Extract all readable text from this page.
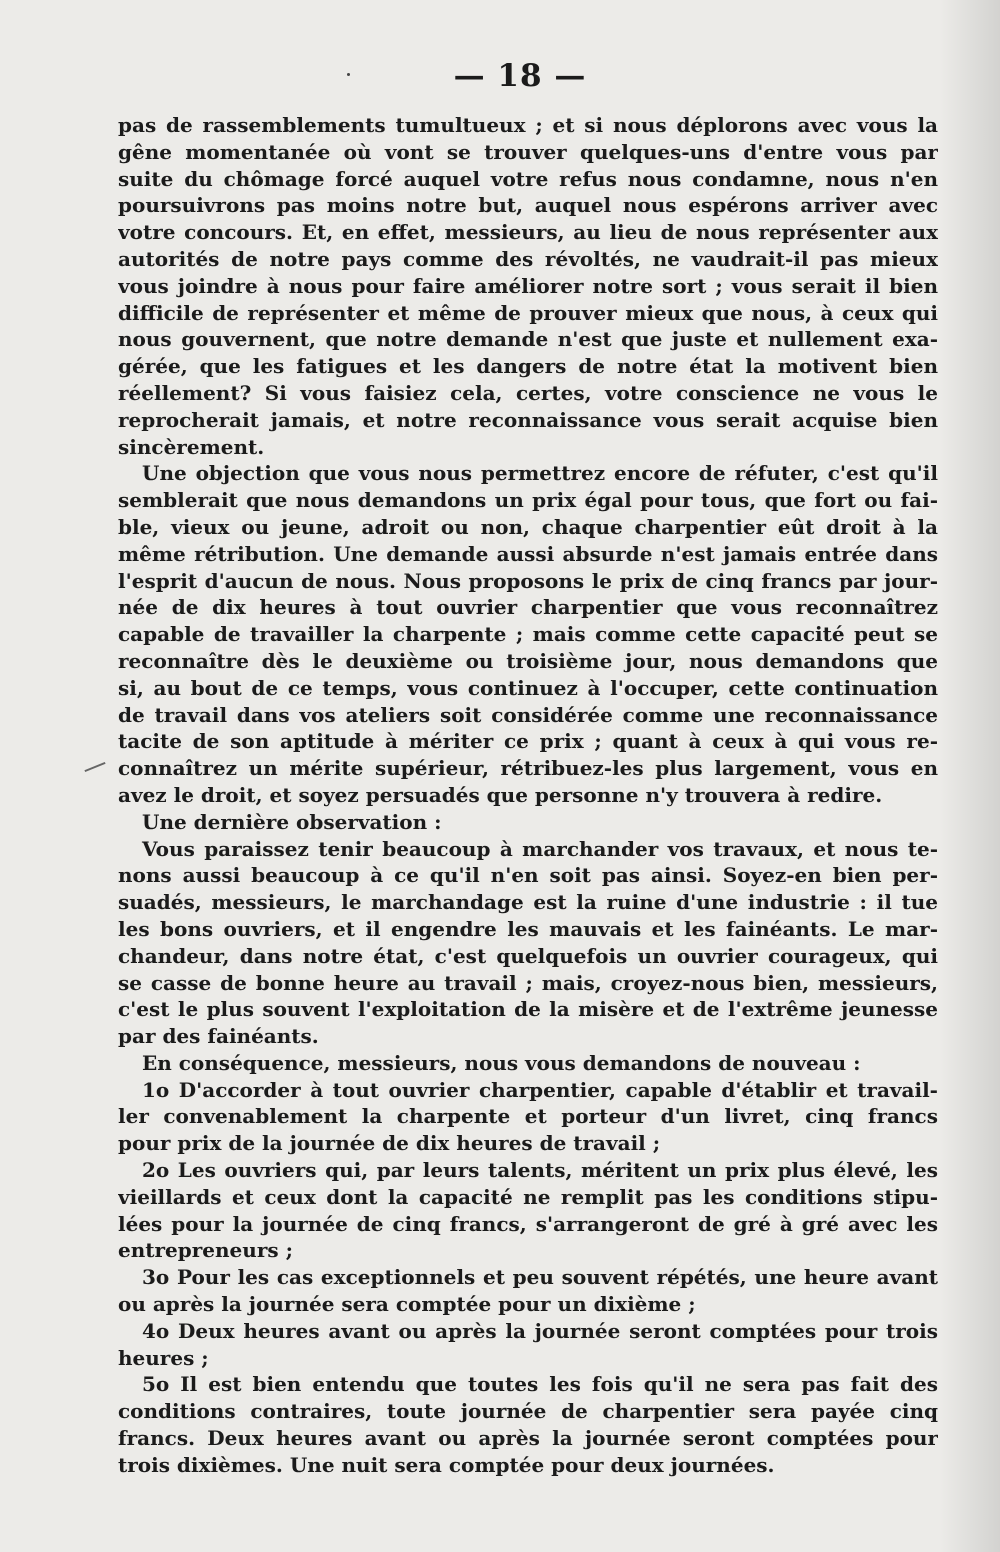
— 18 —
pas de rassemblements tumultueux ; et si nous déplorons avec vous la
gêne momentanée où vont se trouver quelques-uns d'entre vous par
suite du chômage forcé auquel votre refus nous condamne, nous n'en
poursuivrons pas moins notre but, auquel nous espérons arriver avec
votre concours. Et, en effet, messieurs, au lieu de nous représenter aux
autorités de notre pays comme des révoltés, ne vaudrait-il pas mieux
vous joindre à nous pour faire améliorer notre sort ; vous serait il bien
difficile de représenter et même de prouver mieux que nous, à ceux qui
nous gouvernent, que notre demande n'est que juste et nullement exa-
gérée, que les fatigues et les dangers de notre état la motivent bien
réellement? Si vous faisiez cela, certes, votre conscience ne vous le
reprocherait jamais, et notre reconnaissance vous serait acquise bien
sincèrement.
Une objection que vous nous permettrez encore de réfuter, c'est qu'il
semblerait que nous demandons un prix égal pour tous, que fort ou fai-
ble, vieux ou jeune, adroit ou non, chaque charpentier eût droit à la
même rétribution. Une demande aussi absurde n'est jamais entrée dans
l'esprit d'aucun de nous. Nous proposons le prix de cinq francs par jour-
née de dix heures à tout ouvrier charpentier que vous reconnaîtrez
capable de travailler la charpente ; mais comme cette capacité peut se
reconnaître dès le deuxième ou troisième jour, nous demandons que
si, au bout de ce temps, vous continuez à l'occuper, cette continuation
de travail dans vos ateliers soit considérée comme une reconnaissance
tacite de son aptitude à mériter ce prix ; quant à ceux à qui vous re-
connaîtrez un mérite supérieur, rétribuez-les plus largement, vous en
avez le droit, et soyez persuadés que personne n'y trouvera à redire.
Une dernière observation :
Vous paraissez tenir beaucoup à marchander vos travaux, et nous te-
nons aussi beaucoup à ce qu'il n'en soit pas ainsi. Soyez-en bien per-
suadés, messieurs, le marchandage est la ruine d'une industrie : il tue
les bons ouvriers, et il engendre les mauvais et les fainéants. Le mar-
chandeur, dans notre état, c'est quelquefois un ouvrier courageux, qui
se casse de bonne heure au travail ; mais, croyez-nous bien, messieurs,
c'est le plus souvent l'exploitation de la misère et de l'extrême jeunesse
par des fainéants.
En conséquence, messieurs, nous vous demandons de nouveau :
1o D'accorder à tout ouvrier charpentier, capable d'établir et travail-
ler convenablement la charpente et porteur d'un livret, cinq francs
pour prix de la journée de dix heures de travail ;
2o Les ouvriers qui, par leurs talents, méritent un prix plus élevé, les
vieillards et ceux dont la capacité ne remplit pas les conditions stipu-
lées pour la journée de cinq francs, s'arrangeront de gré à gré avec les
entrepreneurs ;
3o Pour les cas exceptionnels et peu souvent répétés, une heure avant
ou après la journée sera comptée pour un dixième ;
4o Deux heures avant ou après la journée seront comptées pour trois
heures ;
5o Il est bien entendu que toutes les fois qu'il ne sera pas fait des
conditions contraires, toute journée de charpentier sera payée cinq
francs. Deux heures avant ou après la journée seront comptées pour
trois dixièmes. Une nuit sera comptée pour deux journées.
